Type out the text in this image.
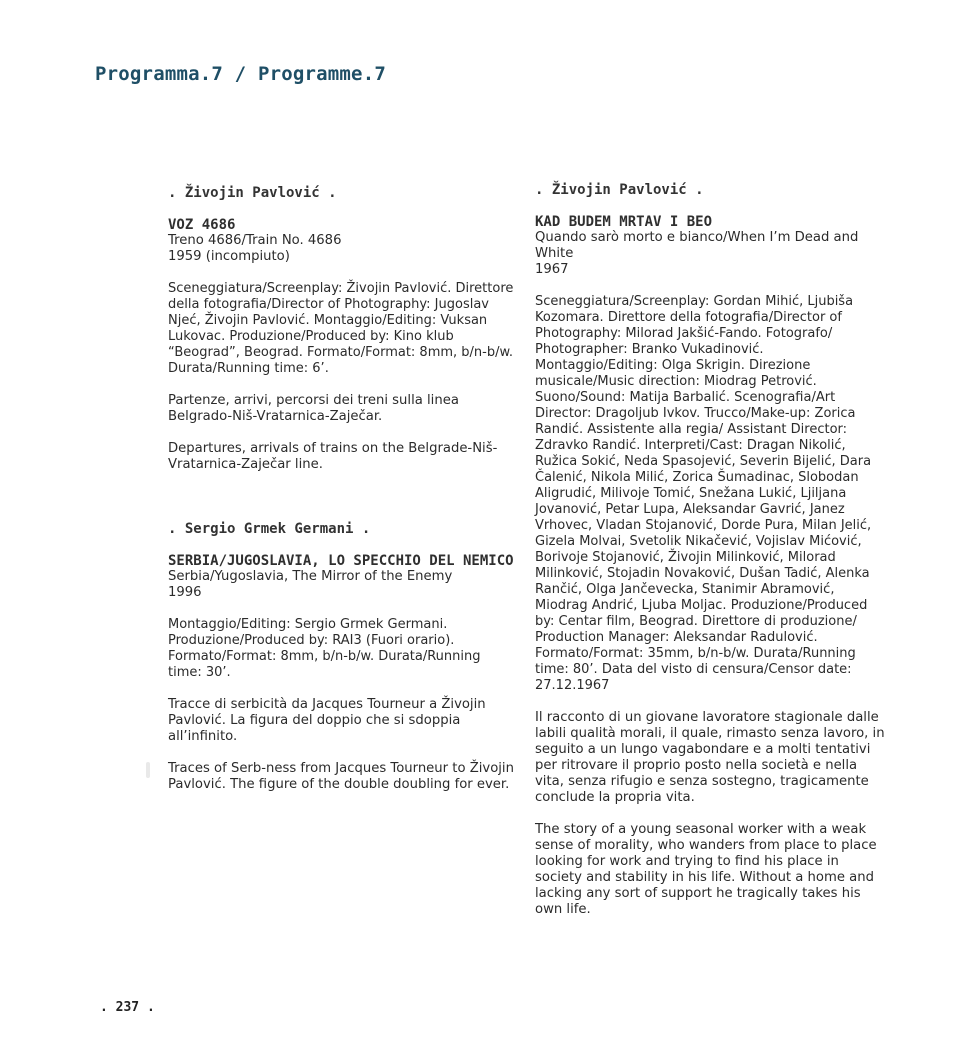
Programma.7 / Programme.7

. Živojin Pavlović .

VOZ 4686

Treno 4686/Train No. 4686

1959 (incompiuto)

Sceneggiatura/Screenplay: Živojin Pavlović. Direttore della fotografia/Director of Photography: Jugoslav Njeć, Živojin Pavlović. Montaggio/Editing: Vuksan Lukovac. Produzione/Produced by: Kino klub “Beograd”, Beograd. Formato/Format: 8mm, b/n-b/w. Durata/Running time: 6’.

Partenze, arrivi, percorsi dei treni sulla linea Belgrado-Niš-Vratarnica-Zaječar.

Departures, arrivals of trains on the Belgrade-Niš-Vratarnica-Zaječar line.

. Sergio Grmek Germani .

SERBIA/JUGOSLAVIA, LO SPECCHIO DEL NEMICO

Serbia/Yugoslavia, The Mirror of the Enemy

1996

Montaggio/Editing: Sergio Grmek Germani. Produzione/Produced by: RAI3 (Fuori orario). Formato/Format: 8mm, b/n-b/w. Durata/Running time: 30’.

Tracce di serbicità da Jacques Tourneur a Živojin Pavlović. La figura del doppio che si sdoppia all’infinito.

Traces of Serb-ness from Jacques Tourneur to Živojin Pavlović. The figure of the double doubling for ever.

. Živojin Pavlović .

KAD BUDEM MRTAV I BEO

Quando sarò morto e bianco/When I’m Dead and White

1967

Sceneggiatura/Screenplay: Gordan Mihić, Ljubiša Kozomara. Direttore della fotografia/Director of Photography: Milorad Jakšić-Fando. Fotografo/ Photographer: Branko Vukadinović. Montaggio/Editing: Olga Skrigin. Direzione musicale/Music direction: Miodrag Petrović. Suono/Sound: Matija Barbalić. Scenografia/Art Director: Dragoljub Ivkov. Trucco/Make-up: Zorica Randić. Assistente alla regia/ Assistant Director: Zdravko Randić. Interpreti/Cast: Dragan Nikolić, Ružica Sokić, Neda Spasojević, Severin Bijelić, Dara Čalenić, Nikola Milić, Zorica Šumadinac, Slobodan Aligrudić, Milivoje Tomić, Snežana Lukić, Ljiljana Jovanović, Petar Lupa, Aleksandar Gavrić, Janez Vrhovec, Vladan Stojanović, Dorde Pura, Milan Jelić, Gizela Molvai, Svetolik Nikačević, Vojislav Mićović, Borivoje Stojanović, Živojin Milinković, Milorad Milinković, Stojadin Novaković, Dušan Tadić, Alenka Rančić, Olga Jančevecka, Stanimir Abramović, Miodrag Andrić, Ljuba Moljac. Produzione/Produced by: Centar film, Beograd. Direttore di produzione/ Production Manager: Aleksandar Radulović. Formato/Format: 35mm, b/n-b/w. Durata/Running time: 80’. Data del visto di censura/Censor date: 27.12.1967

Il racconto di un giovane lavoratore stagionale dalle labili qualità morali, il quale, rimasto senza lavoro, in seguito a un lungo vagabondare e a molti tentativi per ritrovare il proprio posto nella società e nella vita, senza rifugio e senza sostegno, tragicamente conclude la propria vita.

The story of a young seasonal worker with a weak sense of morality, who wanders from place to place looking for work and trying to find his place in society and stability in his life. Without a home and lacking any sort of support he tragically takes his own life.

. 237 .
